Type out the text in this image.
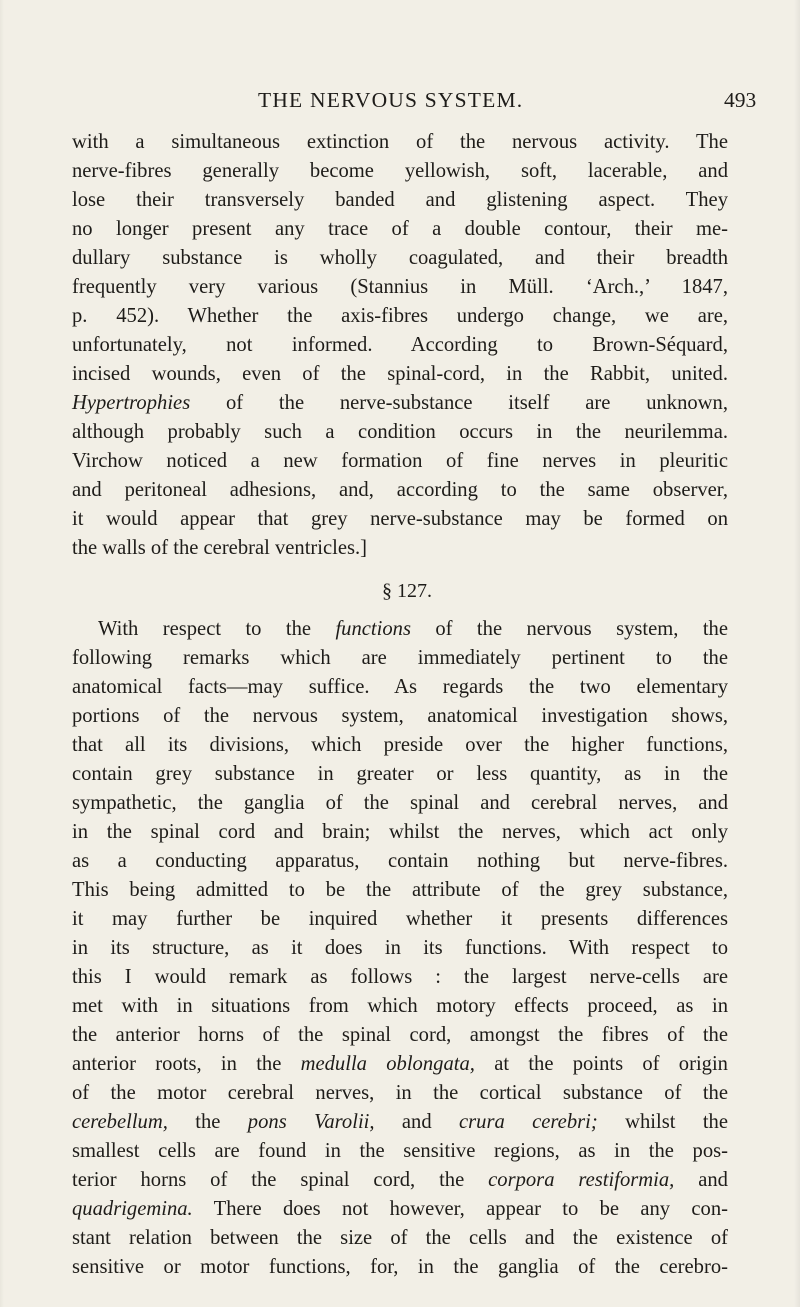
THE NERVOUS SYSTEM.	493
with a simultaneous extinction of the nervous activity. The
nerve-fibres generally become yellowish, soft, lacerable, and
lose their transversely banded and glistening aspect. They
no longer present any trace of a double contour, their me-
dullary substance is wholly coagulated, and their breadth
frequently very various (Stannius in Müll. ‘Arch.,’ 1847,
p. 452). Whether the axis-fibres undergo change, we are,
unfortunately, not informed. According to Brown-Séquard,
incised wounds, even of the spinal-cord, in the Rabbit, united.
Hypertrophies of the nerve-substance itself are unknown,
although probably such a condition occurs in the neurilemma.
Virchow noticed a new formation of fine nerves in pleuritic
and peritoneal adhesions, and, according to the same observer,
it would appear that grey nerve-substance may be formed on
the walls of the cerebral ventricles.]
§ 127.
With respect to the functions of the nervous system, the
following remarks which are immediately pertinent to the
anatomical facts—may suffice. As regards the two elementary
portions of the nervous system, anatomical investigation shows,
that all its divisions, which preside over the higher functions,
contain grey substance in greater or less quantity, as in the
sympathetic, the ganglia of the spinal and cerebral nerves, and
in the spinal cord and brain; whilst the nerves, which act only
as a conducting apparatus, contain nothing but nerve-fibres.
This being admitted to be the attribute of the grey substance,
it may further be inquired whether it presents differences
in its structure, as it does in its functions. With respect to
this I would remark as follows : the largest nerve-cells are
met with in situations from which motory effects proceed, as in
the anterior horns of the spinal cord, amongst the fibres of the
anterior roots, in the medulla oblongata, at the points of origin
of the motor cerebral nerves, in the cortical substance of the
cerebellum, the pons Varolii, and crura cerebri; whilst the
smallest cells are found in the sensitive regions, as in the pos-
terior horns of the spinal cord, the corpora restiformia, and
quadrigemina. There does not however, appear to be any con-
stant relation between the size of the cells and the existence of
sensitive or motor functions, for, in the ganglia of the cerebro-
